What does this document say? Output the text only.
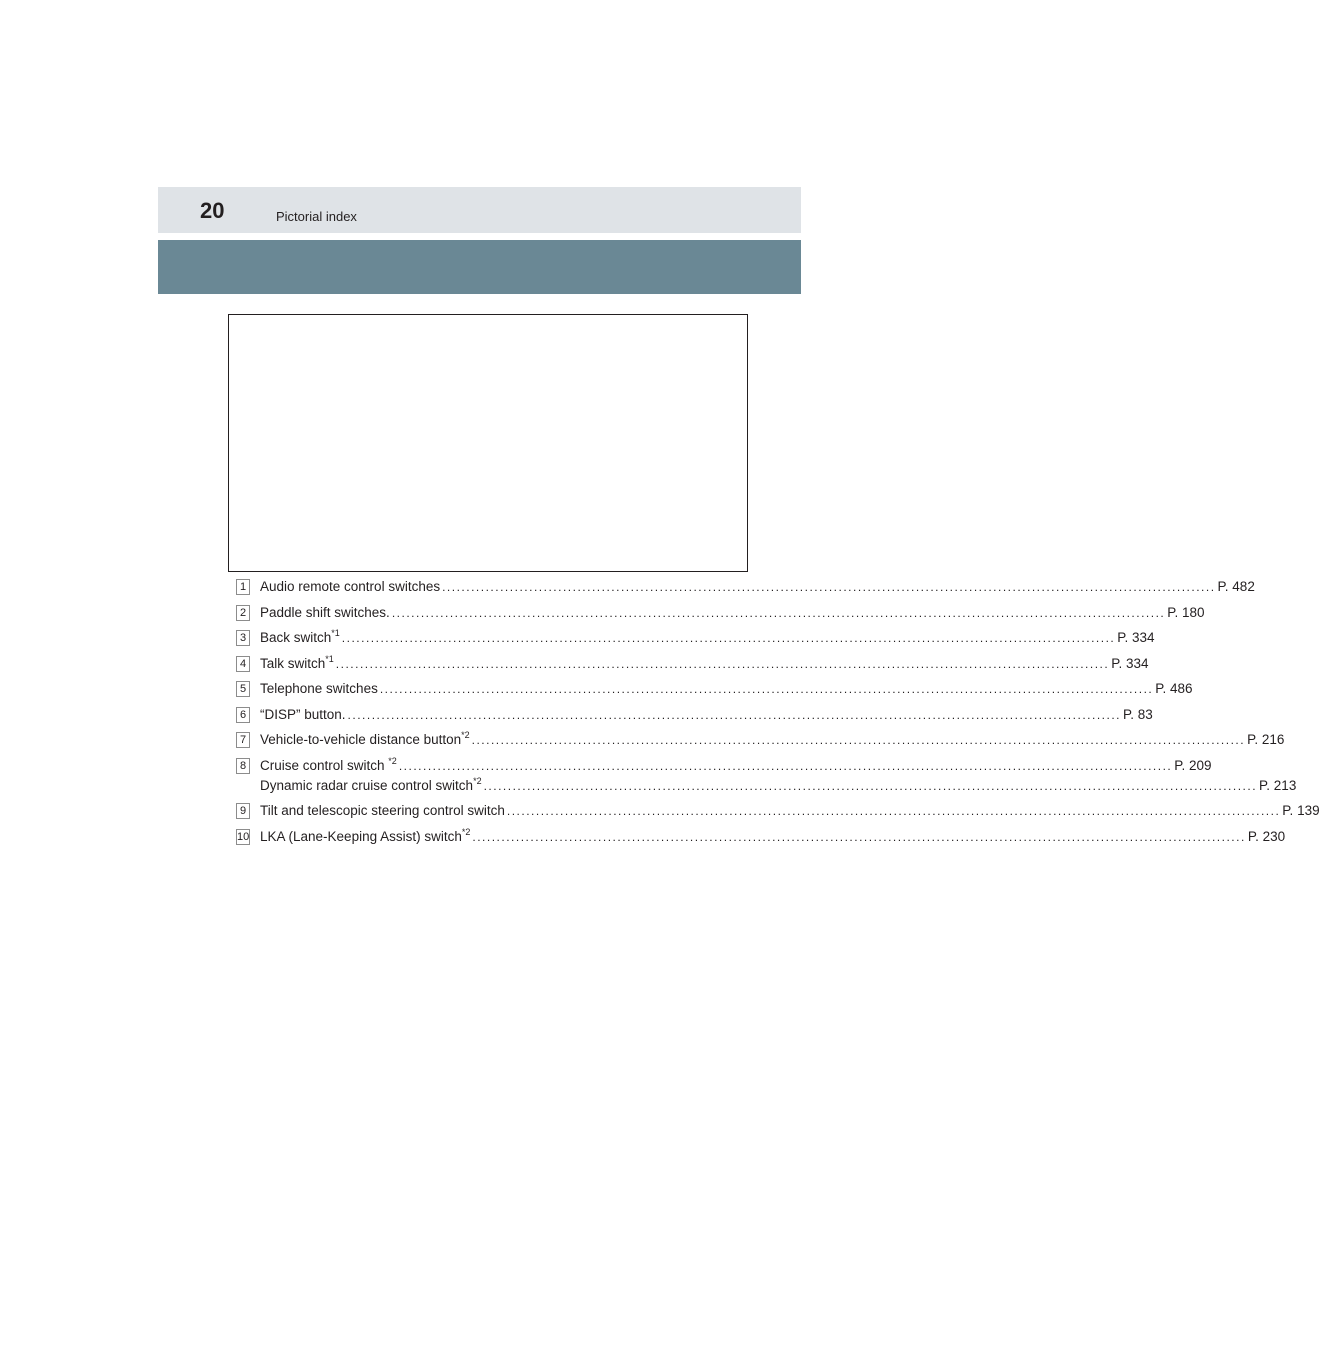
20	Pictorial index
1 Audio remote control switches ................................................................................................................................................................ P. 482
2 Paddle shift switches. ................................................................................................................................................................ P. 180
3 Back switch$^{*1}$ ................................................................................................................................................................ P. 334
4 Talk switch$^{*1}$ ................................................................................................................................................................ P. 334
5 Telephone switches ................................................................................................................................................................ P. 486
6 “DISP” button. ................................................................................................................................................................ P. 83
7 Vehicle-to-vehicle distance button$^{*2}$ ................................................................................................................................................................ P. 216
8 Cruise control switch $^{*2}$ ................................................................................................................................................................ P. 209
Dynamic radar cruise control switch$^{*2}$ ................................................................................................................................................................ P. 213
9 Tilt and telescopic steering control switch ................................................................................................................................................................ P. 139
10 LKA (Lane-Keeping Assist) switch$^{*2}$ ................................................................................................................................................................ P. 230
